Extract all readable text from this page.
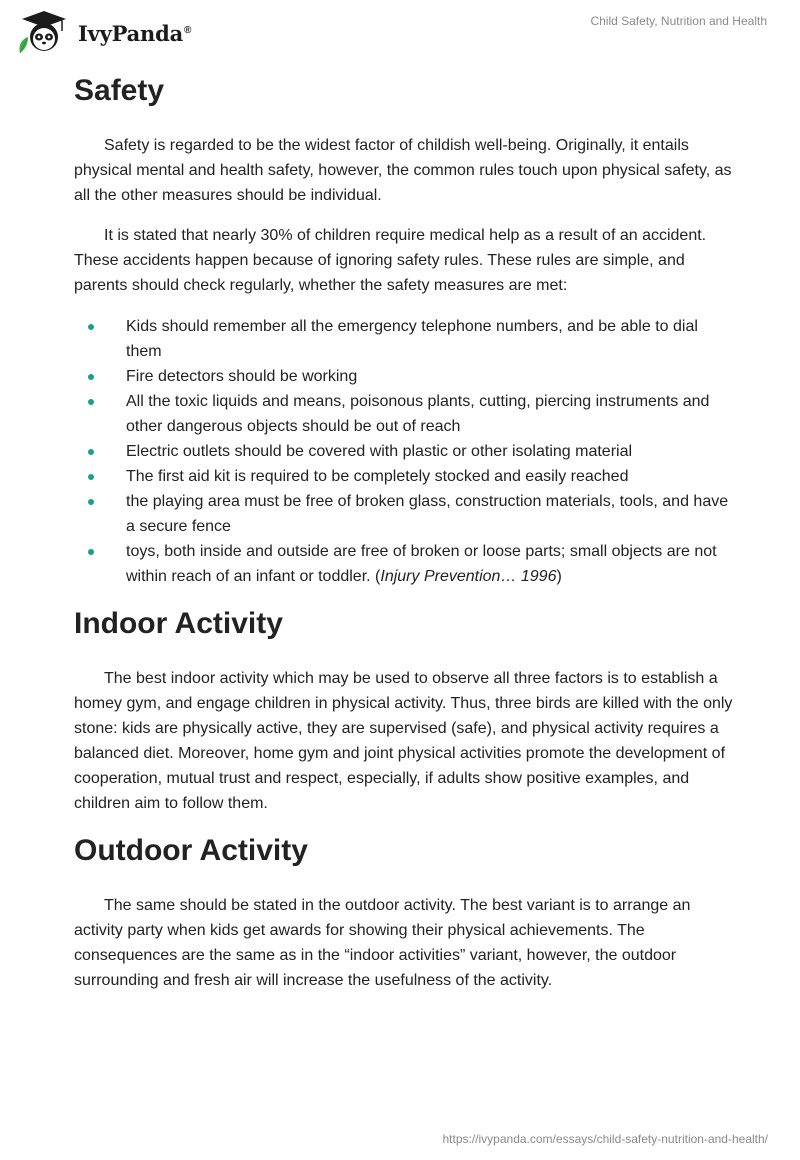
IvyPanda®
Child Safety, Nutrition and Health
Safety

Safety is regarded to be the widest factor of childish well-being. Originally, it entails physical mental and health safety, however, the common rules touch upon physical safety, as all the other measures should be individual.

It is stated that nearly 30% of children require medical help as a result of an accident. These accidents happen because of ignoring safety rules. These rules are simple, and parents should check regularly, whether the safety measures are met:

Kids should remember all the emergency telephone numbers, and be able to dial them
Fire detectors should be working
All the toxic liquids and means, poisonous plants, cutting, piercing instruments and other dangerous objects should be out of reach
Electric outlets should be covered with plastic or other isolating material
The first aid kit is required to be completely stocked and easily reached
the playing area must be free of broken glass, construction materials, tools, and have a secure fence
toys, both inside and outside are free of broken or loose parts; small objects are not within reach of an infant or toddler. (Injury Prevention… 1996)
Indoor Activity

The best indoor activity which may be used to observe all three factors is to establish a homey gym, and engage children in physical activity. Thus, three birds are killed with the only stone: kids are physically active, they are supervised (safe), and physical activity requires a balanced diet. Moreover, home gym and joint physical activities promote the development of cooperation, mutual trust and respect, especially, if adults show positive examples, and children aim to follow them.

Outdoor Activity

The same should be stated in the outdoor activity. The best variant is to arrange an activity party when kids get awards for showing their physical achievements. The consequences are the same as in the “indoor activities” variant, however, the outdoor surrounding and fresh air will increase the usefulness of the activity.

https://ivypanda.com/essays/child-safety-nutrition-and-health/
